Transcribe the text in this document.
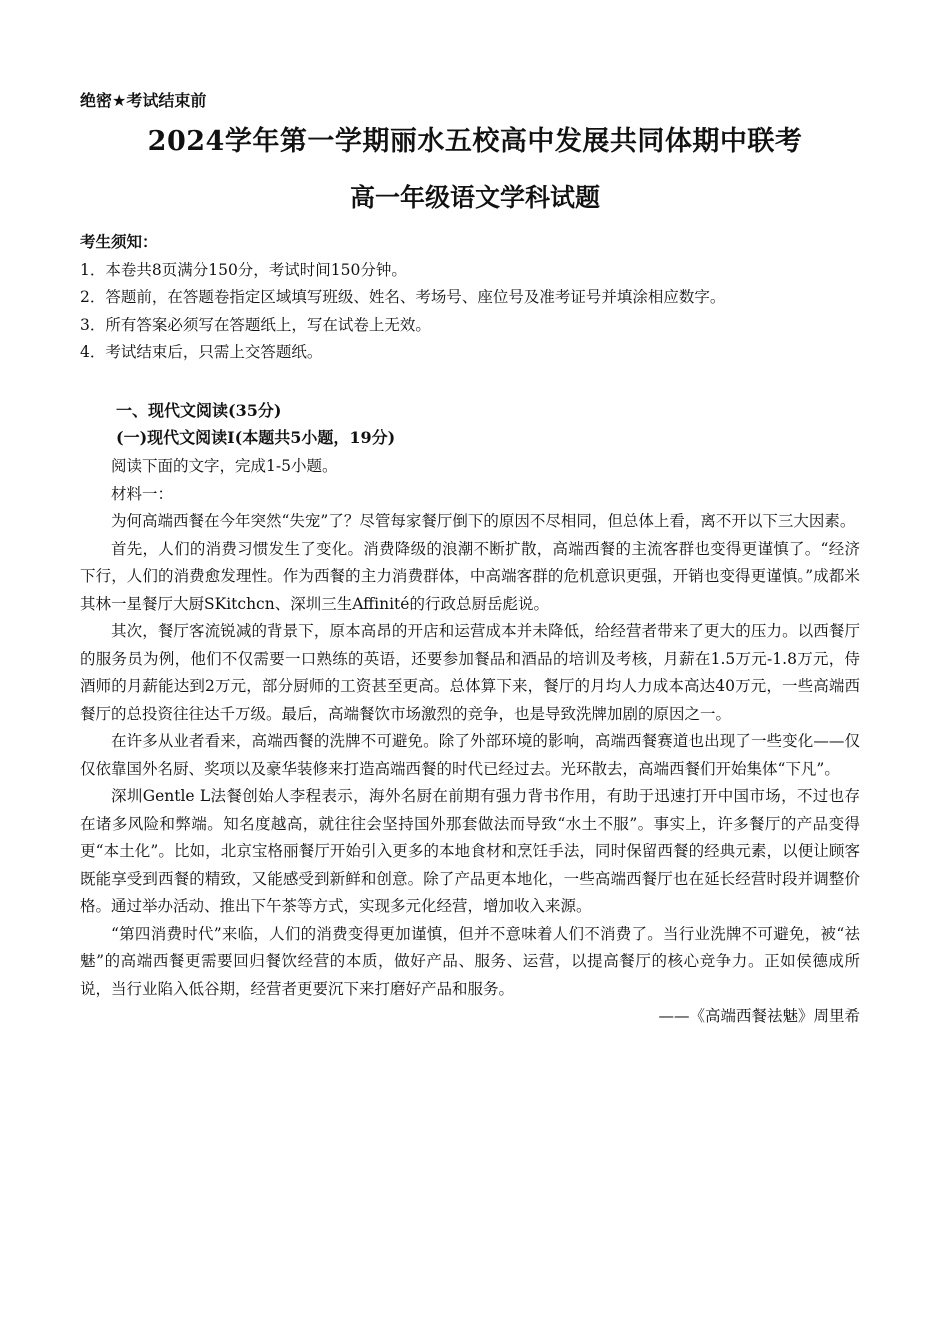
绝密★考试结束前
2024学年第一学期丽水五校高中发展共同体期中联考
高一年级语文学科试题
考生须知：
1．本卷共8页满分150分，考试时间150分钟。
2．答题前，在答题卷指定区域填写班级、姓名、考场号、座位号及准考证号并填涂相应数字。
3．所有答案必须写在答题纸上，写在试卷上无效。
4．考试结束后，只需上交答题纸。
一、现代文阅读(35分)
(一)现代文阅读I(本题共5小题，19分)

阅读下面的文字，完成1-5小题。

材料一：

为何高端西餐在今年突然“失宠”了？尽管每家餐厅倒下的原因不尽相同，但总体上看，离不开以下三大因素。

首先，人们的消费习惯发生了变化。消费降级的浪潮不断扩散，高端西餐的主流客群也变得更谨慎了。“经济下行，人们的消费愈发理性。作为西餐的主力消费群体，中高端客群的危机意识更强，开销也变得更谨慎。”成都米其林一星餐厅大厨SKitchcn、深圳三生Affinité的行政总厨岳彪说。

其次，餐厅客流锐减的背景下，原本高昂的开店和运营成本并未降低，给经营者带来了更大的压力。以西餐厅的服务员为例，他们不仅需要一口熟练的英语，还要参加餐品和酒品的培训及考核，月薪在1.5万元-1.8万元，侍酒师的月薪能达到2万元，部分厨师的工资甚至更高。总体算下来，餐厅的月均人力成本高达40万元，一些高端西餐厅的总投资往往达千万级。最后，高端餐饮市场激烈的竞争，也是导致洗牌加剧的原因之一。

在许多从业者看来，高端西餐的洗牌不可避免。除了外部环境的影响，高端西餐赛道也出现了一些变化——仅仅依靠国外名厨、奖项以及豪华装修来打造高端西餐的时代已经过去。光环散去，高端西餐们开始集体“下凡”。

深圳Gentle L法餐创始人李程表示，海外名厨在前期有强力背书作用，有助于迅速打开中国市场，不过也存在诸多风险和弊端。知名度越高，就往往会坚持国外那套做法而导致“水土不服”。事实上，许多餐厅的产品变得更“本土化”。比如，北京宝格丽餐厅开始引入更多的本地食材和烹饪手法，同时保留西餐的经典元素，以便让顾客既能享受到西餐的精致，又能感受到新鲜和创意。除了产品更本地化，一些高端西餐厅也在延长经营时段并调整价格。通过举办活动、推出下午茶等方式，实现多元化经营，增加收入来源。

“第四消费时代”来临，人们的消费变得更加谨慎，但并不意味着人们不消费了。当行业洗牌不可避免，被“祛魅”的高端西餐更需要回归餐饮经营的本质，做好产品、服务、运营，以提高餐厅的核心竞争力。正如侯德成所说，当行业陷入低谷期，经营者更要沉下来打磨好产品和服务。

——《高端西餐祛魅》周里希
